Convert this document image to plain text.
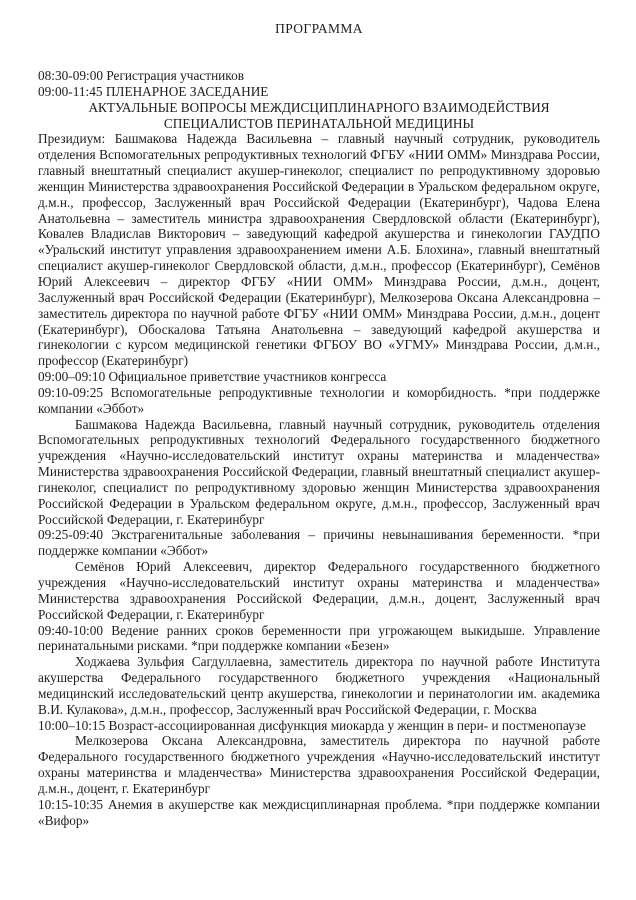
ПРОГРАММА

08:30-09:00 Регистрация участников

09:00-11:45 ПЛЕНАРНОЕ ЗАСЕДАНИЕ

АКТУАЛЬНЫЕ ВОПРОСЫ МЕЖДИСЦИПЛИНАРНОГО ВЗАИМОДЕЙСТВИЯ

СПЕЦИАЛИСТОВ ПЕРИНАТАЛЬНОЙ МЕДИЦИНЫ

Президиум: Башмакова Надежда Васильевна – главный научный сотрудник, руководитель отделения Вспомогательных репродуктивных технологий ФГБУ «НИИ ОММ» Минздрава России, главный внештатный специалист акушер-гинеколог, специалист по репродуктивному здоровью женщин Министерства здравоохранения Российской Федерации в Уральском федеральном округе, д.м.н., профессор, Заслуженный врач Российской Федерации (Екатеринбург), Чадова Елена Анатольевна – заместитель министра здравоохранения Свердловской области (Екатеринбург), Ковалев Владислав Викторович – заведующий кафедрой акушерства и гинекологии ГАУДПО «Уральский институт управления здравоохранением имени А.Б. Блохина», главный внештатный специалист акушер-гинеколог Свердловской области, д.м.н., профессор (Екатеринбург), Семёнов Юрий Алексеевич – директор ФГБУ «НИИ ОММ» Минздрава России, д.м.н., доцент, Заслуженный врач Российской Федерации (Екатеринбург), Мелкозерова Оксана Александровна – заместитель директора по научной работе ФГБУ «НИИ ОММ» Минздрава России, д.м.н., доцент (Екатеринбург), Обоскалова Татьяна Анатольевна – заведующий кафедрой акушерства и гинекологии с курсом медицинской генетики ФГБОУ ВО «УГМУ» Минздрава России, д.м.н., профессор (Екатеринбург)

09:00–09:10 Официальное приветствие участников конгресса

09:10-09:25 Вспомогательные репродуктивные технологии и коморбидность. *при поддержке компании «Эббот»

Башмакова Надежда Васильевна, главный научный сотрудник, руководитель отделения Вспомогательных репродуктивных технологий Федерального государственного бюджетного учреждения «Научно-исследовательский институт охраны материнства и младенчества» Министерства здравоохранения Российской Федерации, главный внештатный специалист акушер-гинеколог, специалист по репродуктивному здоровью женщин Министерства здравоохранения Российской Федерации в Уральском федеральном округе, д.м.н., профессор, Заслуженный врач Российской Федерации, г. Екатеринбург

09:25-09:40 Экстрагенитальные заболевания – причины невынашивания беременности. *при поддержке компании «Эббот»

Семёнов Юрий Алексеевич, директор Федерального государственного бюджетного учреждения «Научно-исследовательский институт охраны материнства и младенчества» Министерства здравоохранения Российской Федерации, д.м.н., доцент, Заслуженный врач Российской Федерации, г. Екатеринбург

09:40-10:00 Ведение ранних сроков беременности при угрожающем выкидыше. Управление перинатальными рисками. *при поддержке компании «Безен»

Ходжаева Зульфия Сагдуллаевна, заместитель директора по научной работе Института акушерства Федерального государственного бюджетного учреждения «Национальный медицинский исследовательский центр акушерства, гинекологии и перинатологии им. академика В.И. Кулакова», д.м.н., профессор, Заслуженный врач Российской Федерации, г. Москва

10:00–10:15 Возраст-ассоциированная дисфункция миокарда у женщин в пери- и постменопаузе

Мелкозерова Оксана Александровна, заместитель директора по научной работе Федерального государственного бюджетного учреждения «Научно-исследовательский институт охраны материнства и младенчества» Министерства здравоохранения Российской Федерации, д.м.н., доцент, г. Екатеринбург

10:15-10:35 Анемия в акушерстве как междисциплинарная проблема. *при поддержке компании «Вифор»
